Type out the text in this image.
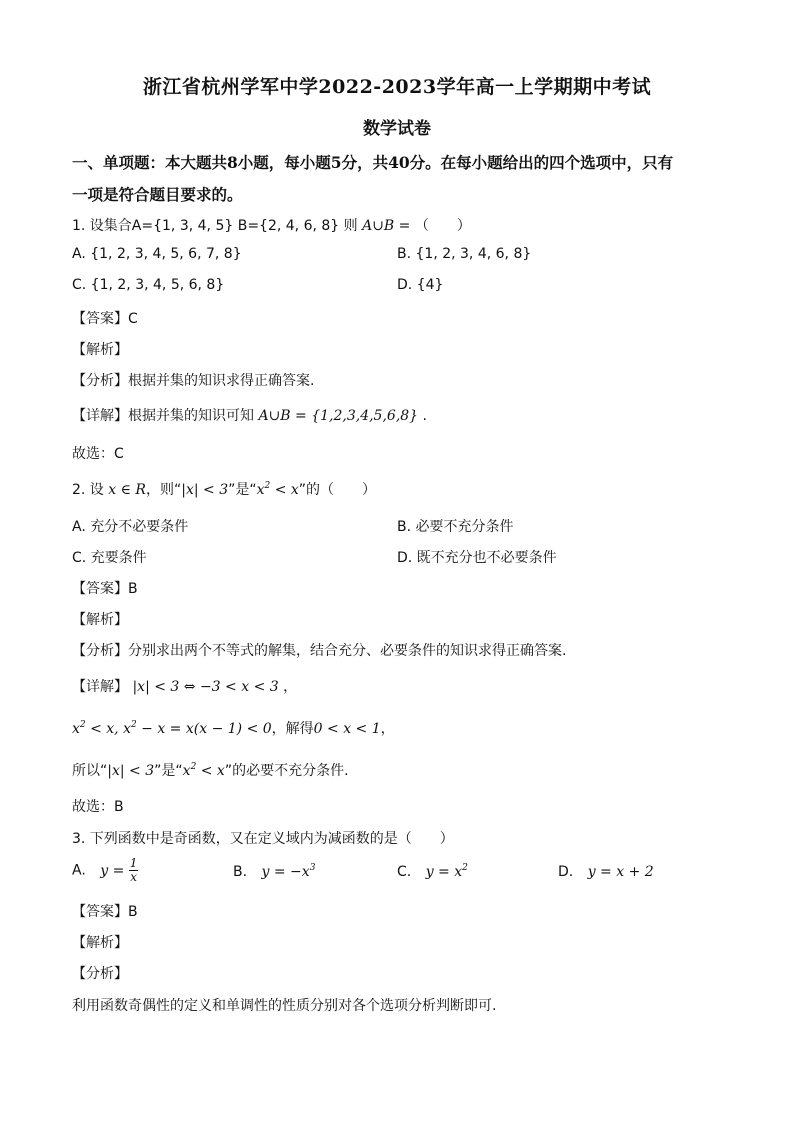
浙江省杭州学军中学2022-2023学年高一上学期期中考试
数学试卷
一、单项题：本大题共8小题，每小题5分，共40分。在每小题给出的四个选项中，只有
一项是符合题目要求的。
1. 设集合A={1, 3, 4, 5} B={2, 4, 6, 8} 则 A∪B = （　　）
A. {1, 2, 3, 4, 5, 6, 7, 8}	B. {1, 2, 3, 4, 6, 8}
C. {1, 2, 3, 4, 5, 6, 8}	D. {4}
【答案】C
【解析】
【分析】根据并集的知识求得正确答案.
【详解】根据并集的知识可知 A∪B = {1,2,3,4,5,6,8} .
故选：C
2. 设 x ∈ R，则“|x| < 3”是“$x^2 < x$”的（　　）
A. 充分不必要条件	B. 必要不充分条件
C. 充要条件	D. 既不充分也不必要条件
【答案】B
【解析】
【分析】分别求出两个不等式的解集，结合充分、必要条件的知识求得正确答案.
【详解】 |x| < 3 ⇔ −3 < x < 3 ，
$x^2 < x$, $x^2 - x = x(x - 1) < 0$，解得0 < x < 1，
所以“|x| < 3”是“$x^2 < x$”的必要不充分条件.
故选：B
3. 下列函数中是奇函数，又在定义域内为减函数的是（　　）
A. $y = \frac{1}{x}$	B. $y = -x^3$	C. $y = x^2$	D. y = x + 2
【答案】B
【解析】
【分析】
利用函数奇偶性的定义和单调性的性质分别对各个选项分析判断即可.
